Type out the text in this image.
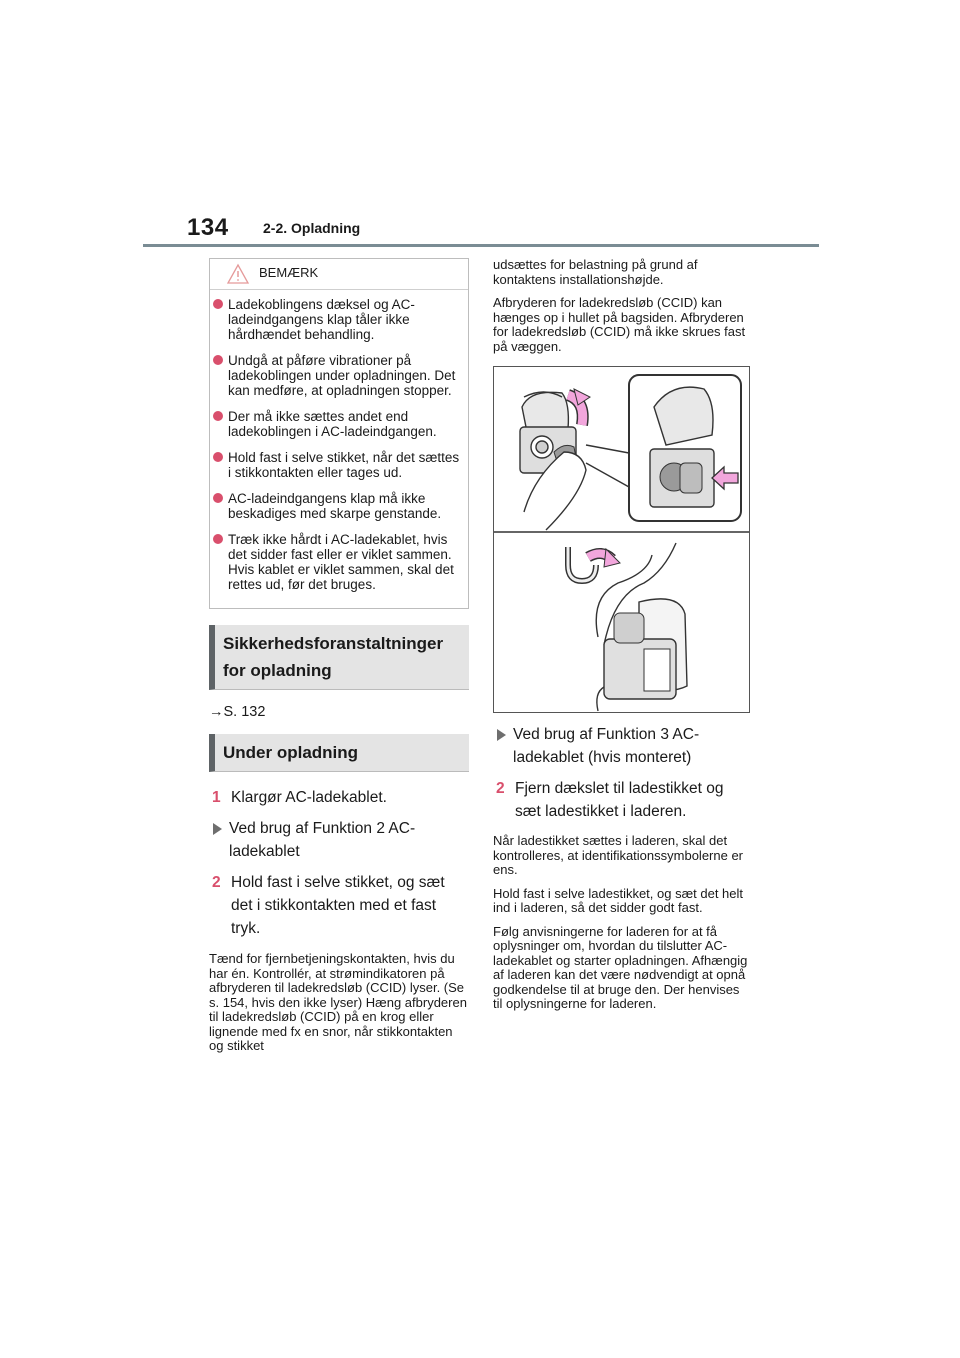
134 2-2. Opladning
BEMÆRK
Ladekoblingens dæksel og AC-ladeindgangens klap tåler ikke hårdhændet behandling.
Undgå at påføre vibrationer på ladekoblingen under opladningen. Det kan medføre, at opladningen stopper.
Der må ikke sættes andet end ladekoblingen i AC-ladeindgangen.
Hold fast i selve stikket, når det sættes i stikkontakten eller tages ud.
AC-ladeindgangens klap må ikke beskadiges med skarpe genstande.
Træk ikke hårdt i AC-ladekablet, hvis det sidder fast eller er viklet sammen. Hvis kablet er viklet sammen, skal det rettes ud, før det bruges.
Sikkerhedsforanstaltninger for opladning
→S. 132
Under opladning
1 Klargør AC-ladekablet.
Ved brug af Funktion 2 AC-ladekablet
2 Hold fast i selve stikket, og sæt det i stikkontakten med et fast tryk.
Tænd for fjernbetjeningskontakten, hvis du har én. Kontrollér, at strømindikatoren på afbryderen til ladekredsløb (CCID) lyser. (Se s. 154, hvis den ikke lyser) Hæng afbryderen til ladekredsløb (CCID) på en krog eller lignende med fx en snor, når stikkontakten og stikket
udsættes for belastning på grund af kontaktens installationshøjde.
Afbryderen for ladekredsløb (CCID) kan hænges op i hullet på bagsiden. Afbryderen for ladekredsløb (CCID) må ikke skrues fast på væggen.
Ved brug af Funktion 3 AC-ladekablet (hvis monteret)
2 Fjern dækslet til ladestikket og sæt ladestikket i laderen.
Når ladestikket sættes i laderen, skal det kontrolleres, at identifikationssymbolerne er ens.
Hold fast i selve ladestikket, og sæt det helt ind i laderen, så det sidder godt fast.
Følg anvisningerne for laderen for at få oplysninger om, hvordan du tilslutter AC-ladekablet og starter opladningen. Afhængig af laderen kan det være nødvendigt at opnå godkendelse til at bruge den. Der henvises til oplysningerne for laderen.
